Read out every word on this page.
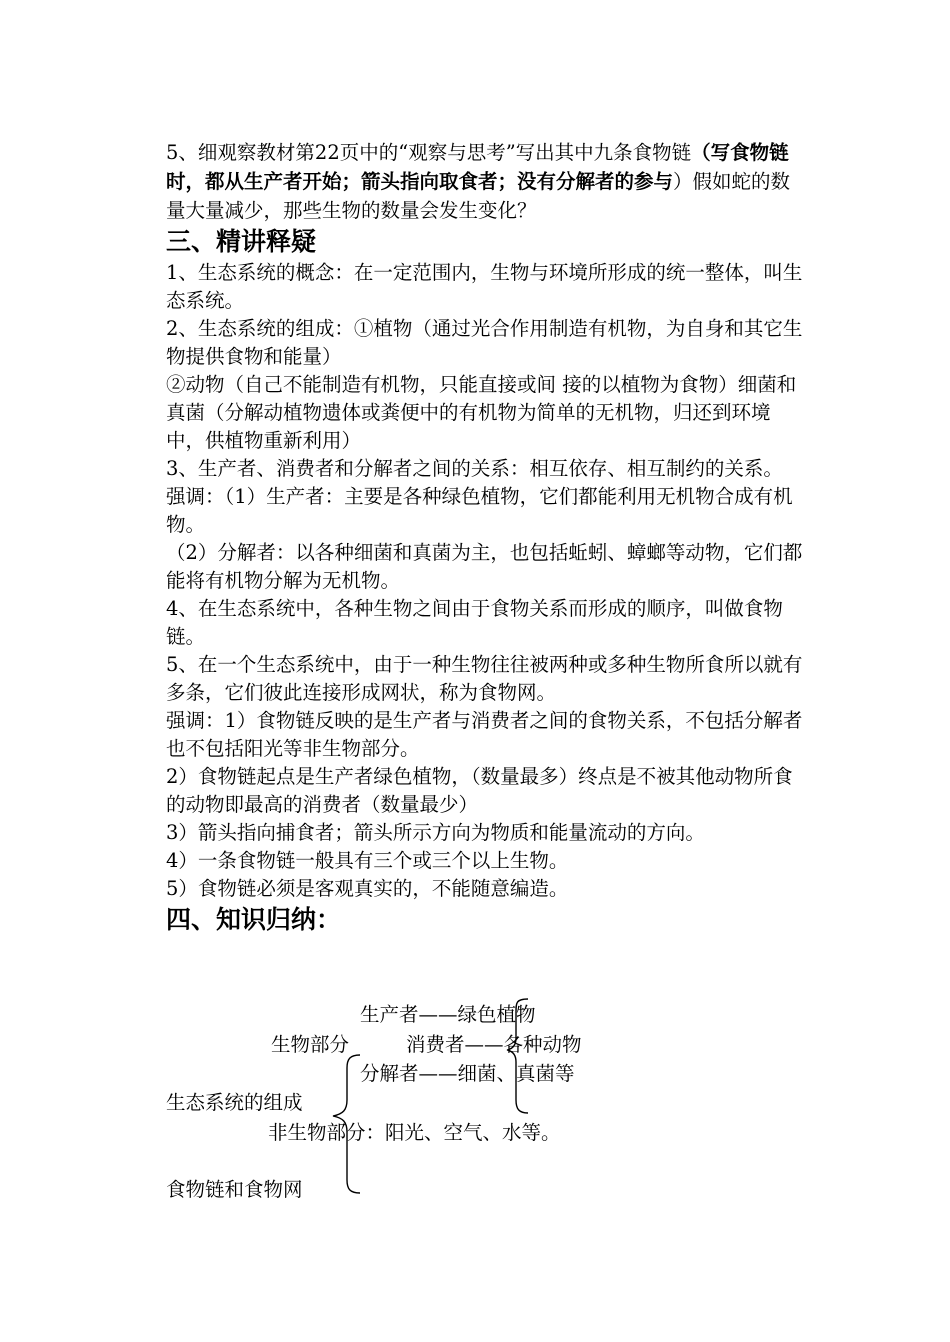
5、细观察教材第22页中的“观察与思考”写出其中九条食物链（写食物链时，都从生产者开始；箭头指向取食者；没有分解者的参与）假如蛇的数量大量减少，那些生物的数量会发生变化？

三、精讲释疑

1、生态系统的概念：在一定范围内，生物与环境所形成的统一整体，叫生态系统。

2、生态系统的组成：①植物（通过光合作用制造有机物，为自身和其它生物提供食物和能量）

②动物（自己不能制造有机物，只能直接或间 接的以植物为食物）细菌和真菌（分解动植物遗体或粪便中的有机物为简单的无机物，归还到环境中，供植物重新利用）

3、生产者、消费者和分解者之间的关系：相互依存、相互制约的关系。

强调：（1）生产者：主要是各种绿色植物，它们都能利用无机物合成有机物。

（2）分解者：以各种细菌和真菌为主，也包括蚯蚓、蟑螂等动物，它们都能将有机物分解为无机物。

4、在生态系统中，各种生物之间由于食物关系而形成的顺序，叫做食物链。

5、在一个生态系统中，由于一种生物往往被两种或多种生物所食所以就有多条，它们彼此连接形成网状，称为食物网。

强调：1）食物链反映的是生产者与消费者之间的食物关系，不包括分解者也不包括阳光等非生物部分。

2）食物链起点是生产者绿色植物，（数量最多）终点是不被其他动物所食的动物即最高的消费者（数量最少）

3）箭头指向捕食者；箭头所示方向为物质和能量流动的方向。

4）一条食物链一般具有三个或三个以上生物。

5）食物链必须是客观真实的，不能随意编造。

四、知识归纳：

生产者——绿色植物
生物部分	消费者——各种动物
分解者——细菌、真菌等
生态系统的组成
非生物部分：阳光、空气、水等。
食物链和食物网
